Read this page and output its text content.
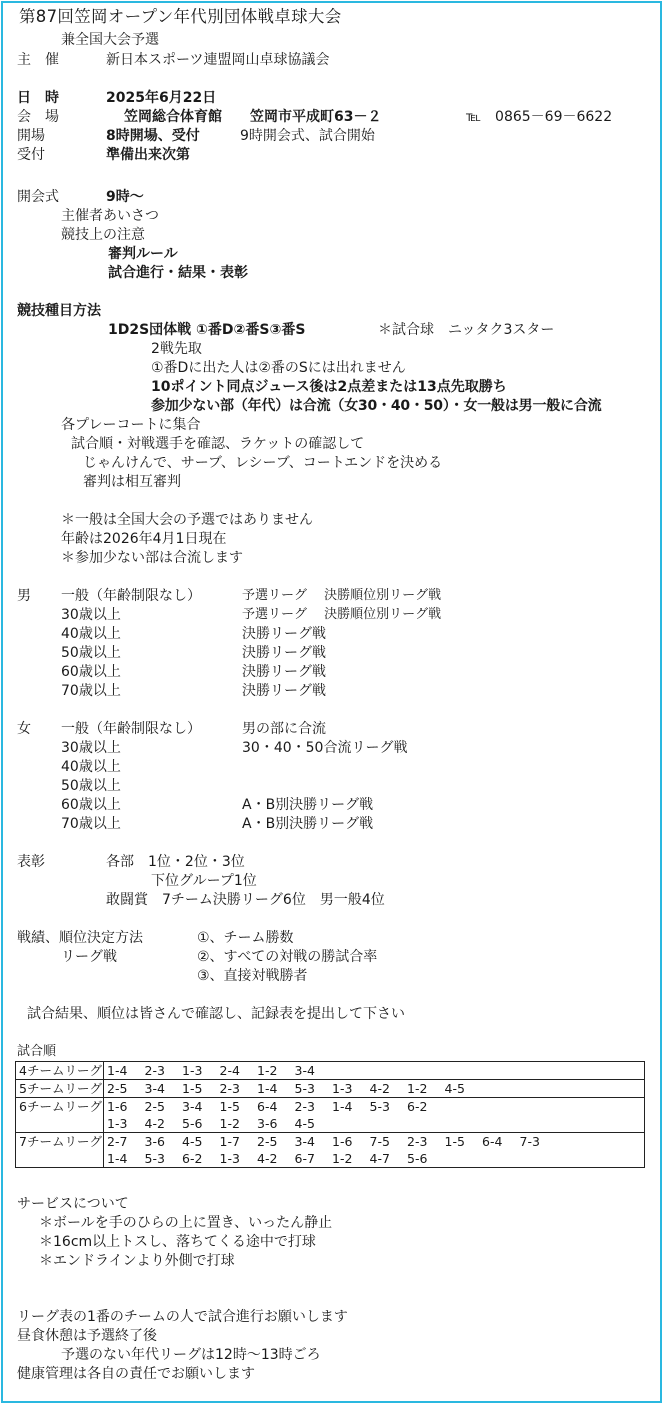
第87回笠岡オープン年代別団体戦卓球大会
兼全国大会予選
主　催	新日本スポーツ連盟岡山卓球協議会
日　時	2025年6月22日
会　場	笠岡総合体育館　　笠岡市平成町63－２	℡　0865－69－6622
開場	8時開場、受付	9時開会式、試合開始
受付	準備出来次第
開会式	9時～
主催者あいさつ
競技上の注意
審判ルール
試合進行・結果・表彰
競技種目方法
1D2S団体戦 ①番D②番S③番S	＊試合球　ニッタク3スター
2戦先取
①番Dに出た人は②番のSには出れません
10ポイント同点ジュース後は2点差または13点先取勝ち
参加少ない部（年代）は合流（女30・40・50）・女一般は男一般に合流
各プレーコートに集合
試合順・対戦選手を確認、ラケットの確認して
じゃんけんで、サーブ、レシーブ、コートエンドを決める
審判は相互審判
＊一般は全国大会の予選ではありません
年齢は2026年4月1日現在
＊参加少ない部は合流します
男 一般（年齢制限なし）	予選リーグ　 決勝順位別リーグ戦
30歳以上	予選リーグ　 決勝順位別リーグ戦
40歳以上	決勝リーグ戦
50歳以上	決勝リーグ戦
60歳以上	決勝リーグ戦
70歳以上	決勝リーグ戦
女 一般（年齢制限なし）	男の部に合流
30歳以上	30・40・50合流リーグ戦
40歳以上
50歳以上
60歳以上	A・B別決勝リーグ戦
70歳以上	A・B別決勝リーグ戦
表彰	各部　1位・2位・3位
下位グループ1位
敢闘賞　7チーム決勝リーグ6位　男一般4位
戦績、順位決定方法
リーグ戦
①、チーム勝数
②、すべての対戦の勝試合率
③、直接対戦勝者
試合結果、順位は皆さんで確認し、記録表を提出して下さい
試合順
4チームリーグ	1-4 2-3 1-3 2-4 1-2 3-4
5チームリーグ	2-5 3-4 1-5 2-3 1-4 5-3 1-3 4-2 1-2 4-5
6チームリーグ	1-6 2-5 3-4 1-5 6-4 2-3 1-4 5-3 6-2
	1-3 4-2 5-6 1-2 3-6 4-5
7チームリーグ	2-7 3-6 4-5 1-7 2-5 3-4 1-6 7-5 2-3 1-5 6-4 7-3
	1-4 5-3 6-2 1-3 4-2 6-7 1-2 4-7 5-6
サービスについて
＊ボールを手のひらの上に置き、いったん静止
＊16cm以上トスし、落ちてくる途中で打球
＊エンドラインより外側で打球
リーグ表の1番のチームの人で試合進行お願いします
昼食休憩は予選終了後
予選のない年代リーグは12時～13時ごろ
健康管理は各自の責任でお願いします
